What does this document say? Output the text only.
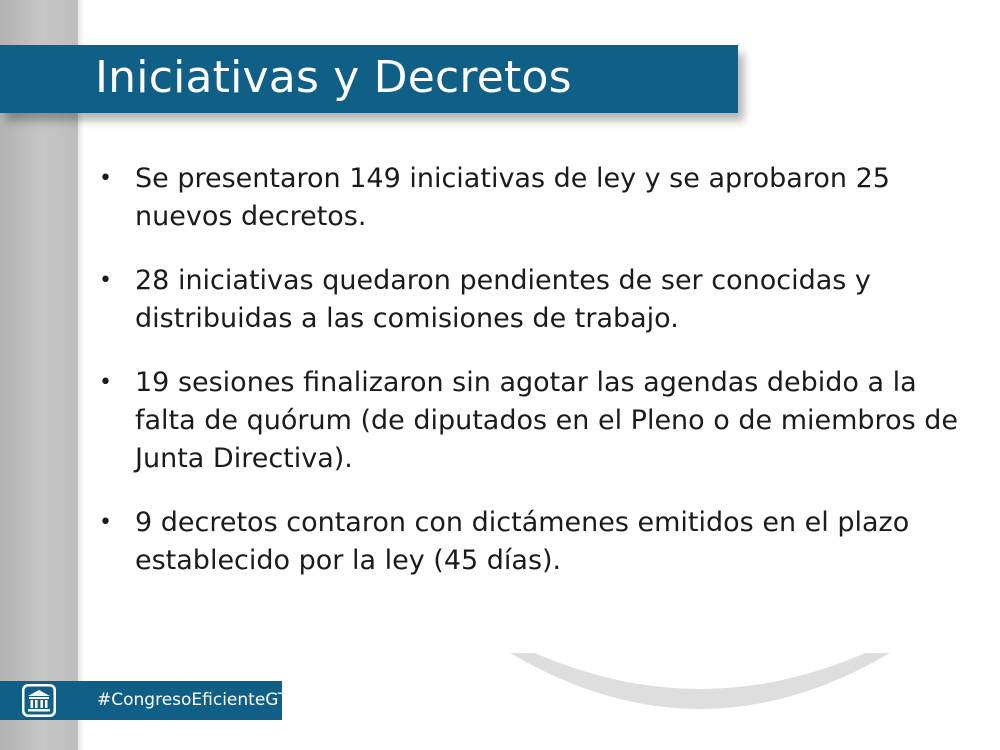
Iniciativas y Decretos
• Se presentaron 149 iniciativas de ley y se aprobaron 25 nuevos decretos.
• 28 iniciativas quedaron pendientes de ser conocidas y distribuidas a las comisiones de trabajo.
• 19 sesiones finalizaron sin agotar las agendas debido a la falta de quórum (de diputados en el Pleno o de miembros de Junta Directiva).
• 9 decretos contaron con dictámenes emitidos en el plazo establecido por la ley (45 días).
#CongresoEficienteGT
